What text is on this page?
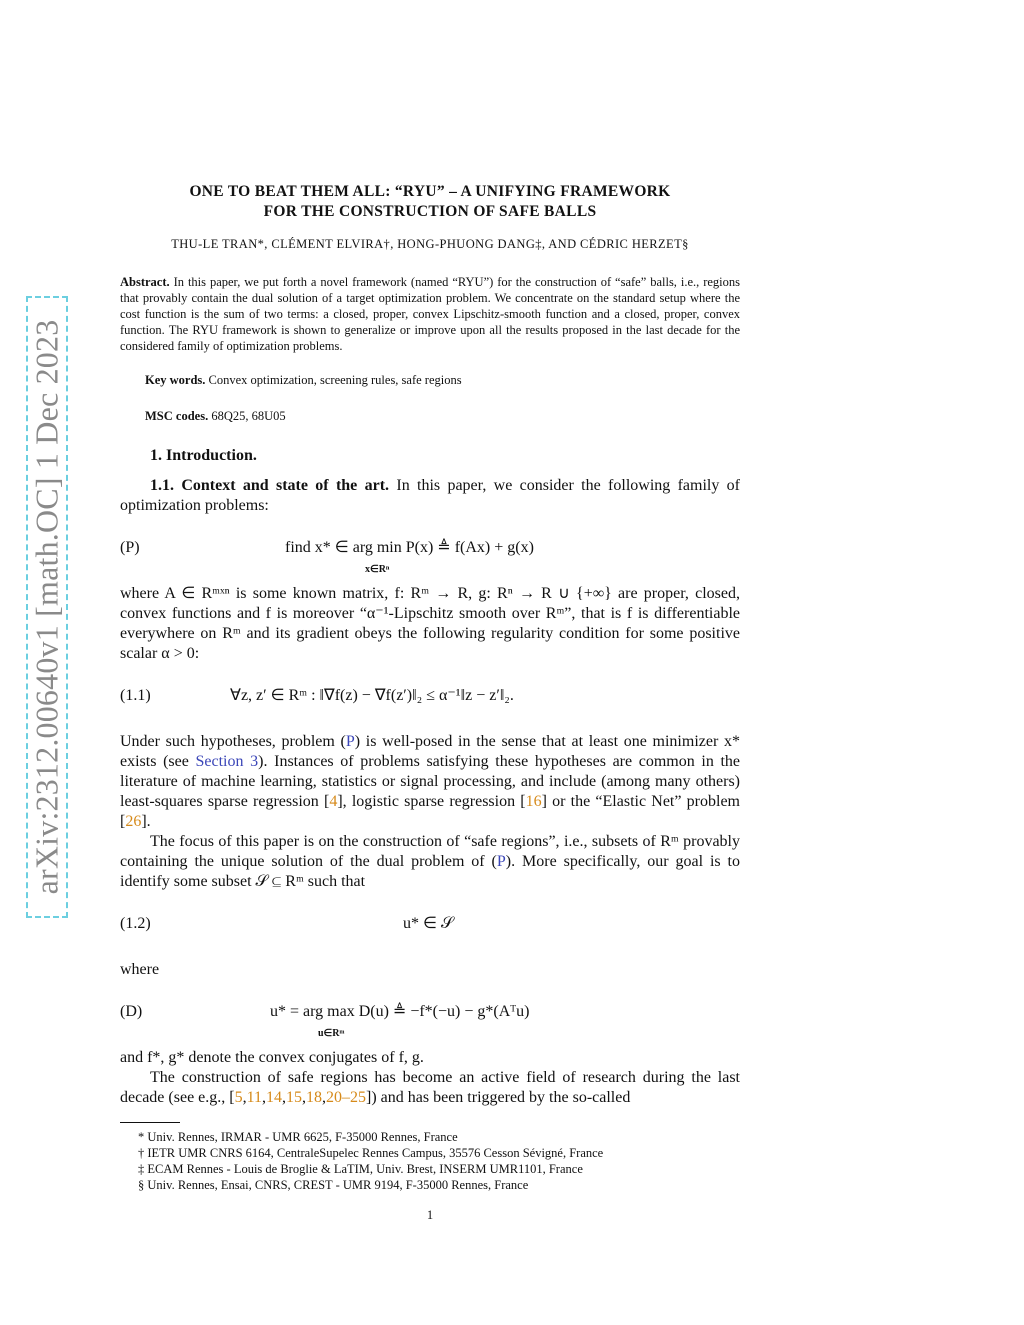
arXiv:2312.00640v1 [math.OC] 1 Dec 2023
ONE TO BEAT THEM ALL: “RYU” – A UNIFYING FRAMEWORK
FOR THE CONSTRUCTION OF SAFE BALLS
THU-LE TRAN*, CLÉMENT ELVIRA†, HONG-PHUONG DANG‡, AND CÉDRIC HERZET§
Abstract. In this paper, we put forth a novel framework (named “RYU”) for the construction of “safe” balls, i.e., regions that provably contain the dual solution of a target optimization problem. We concentrate on the standard setup where the cost function is the sum of two terms: a closed, proper, convex Lipschitz-smooth function and a closed, proper, convex function. The RYU framework is shown to generalize or improve upon all the results proposed in the last decade for the considered family of optimization problems.
Key words. Convex optimization, screening rules, safe regions
MSC codes. 68Q25, 68U05
1. Introduction.

1.1. Context and state of the art. In this paper, we consider the following family of optimization problems:

(P)	find x* ∈ arg min P(x) ≜ f(Ax) + g(x)
x∈Rⁿ

where A ∈ Rᵐˣⁿ is some known matrix, f: Rᵐ → R, g: Rⁿ → R ∪ {+∞} are proper, closed, convex functions and f is moreover “α⁻¹-Lipschitz smooth over Rᵐ”, that is f is differentiable everywhere on Rᵐ and its gradient obeys the following regularity condition for some positive scalar α > 0:

(1.1)	∀z, z′ ∈ Rᵐ : ‖∇f(z) − ∇f(z′)‖₂ ≤ α⁻¹‖z − z′‖₂.

Under such hypotheses, problem (P) is well-posed in the sense that at least one minimizer x* exists (see Section 3). Instances of problems satisfying these hypotheses are common in the literature of machine learning, statistics or signal processing, and include (among many others) least-squares sparse regression [4], logistic sparse regression [16] or the “Elastic Net” problem [26].

The focus of this paper is on the construction of “safe regions”, i.e., subsets of Rᵐ provably containing the unique solution of the dual problem of (P). More specifically, our goal is to identify some subset 𝒮 ⊆ Rᵐ such that

(1.2)	u* ∈ 𝒮

where

(D)	u* = arg max D(u) ≜ −f*(−u) − g*(Aᵀu)
u∈Rᵐ

and f*, g* denote the convex conjugates of f, g.

The construction of safe regions has become an active field of research during the last decade (see e.g., [5,11,14,15,18,20–25]) and has been triggered by the so-called

* Univ. Rennes, IRMAR - UMR 6625, F-35000 Rennes, France
† IETR UMR CNRS 6164, CentraleSupelec Rennes Campus, 35576 Cesson Sévigné, France
‡ ECAM Rennes - Louis de Broglie & LaTIM, Univ. Brest, INSERM UMR1101, France
§ Univ. Rennes, Ensai, CNRS, CREST - UMR 9194, F-35000 Rennes, France
1
